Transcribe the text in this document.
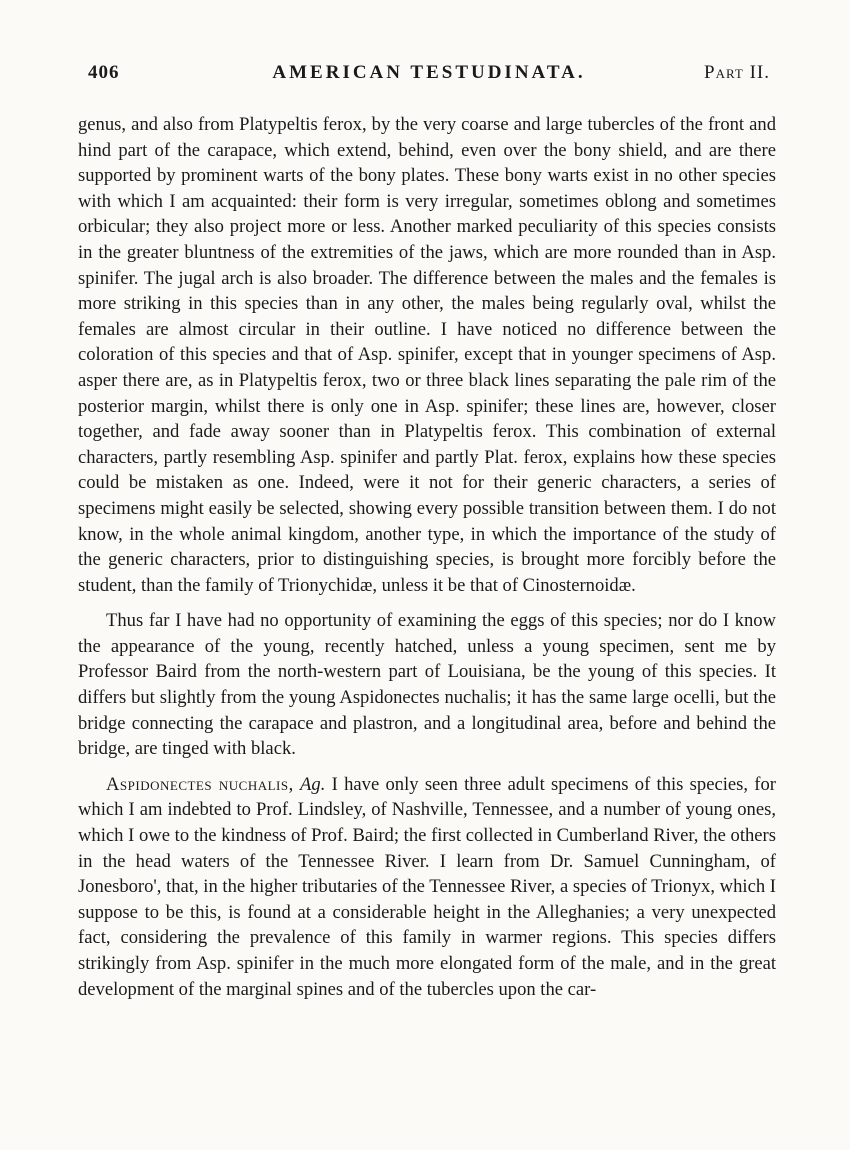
406	AMERICAN TESTUDINATA.	Part II.

genus, and also from Platypeltis ferox, by the very coarse and large tubercles of the front and hind part of the carapace, which extend, behind, even over the bony shield, and are there supported by prominent warts of the bony plates. These bony warts exist in no other species with which I am acquainted: their form is very irregular, sometimes oblong and sometimes orbicular; they also project more or less. Another marked peculiarity of this species consists in the greater bluntness of the extremities of the jaws, which are more rounded than in Asp. spinifer. The jugal arch is also broader. The difference between the males and the females is more striking in this species than in any other, the males being regularly oval, whilst the females are almost circular in their outline. I have noticed no difference between the coloration of this species and that of Asp. spinifer, except that in younger specimens of Asp. asper there are, as in Platypeltis ferox, two or three black lines separating the pale rim of the posterior margin, whilst there is only one in Asp. spinifer; these lines are, however, closer together, and fade away sooner than in Platypeltis ferox. This combination of external characters, partly resembling Asp. spinifer and partly Plat. ferox, explains how these species could be mistaken as one. Indeed, were it not for their generic characters, a series of specimens might easily be selected, showing every possible transition between them. I do not know, in the whole animal kingdom, another type, in which the importance of the study of the generic characters, prior to distinguishing species, is brought more forcibly before the student, than the family of Trionychidæ, unless it be that of Cinosternoidæ.

Thus far I have had no opportunity of examining the eggs of this species; nor do I know the appearance of the young, recently hatched, unless a young specimen, sent me by Professor Baird from the north-western part of Louisiana, be the young of this species. It differs but slightly from the young Aspidonectes nuchalis; it has the same large ocelli, but the bridge connecting the carapace and plastron, and a longitudinal area, before and behind the bridge, are tinged with black.

Aspidonectes nuchalis, Ag. I have only seen three adult specimens of this species, for which I am indebted to Prof. Lindsley, of Nashville, Tennessee, and a number of young ones, which I owe to the kindness of Prof. Baird; the first collected in Cumberland River, the others in the head waters of the Tennessee River. I learn from Dr. Samuel Cunningham, of Jonesboro', that, in the higher tributaries of the Tennessee River, a species of Trionyx, which I suppose to be this, is found at a considerable height in the Alleghanies; a very unexpected fact, considering the prevalence of this family in warmer regions. This species differs strikingly from Asp. spinifer in the much more elongated form of the male, and in the great development of the marginal spines and of the tubercles upon the car-
